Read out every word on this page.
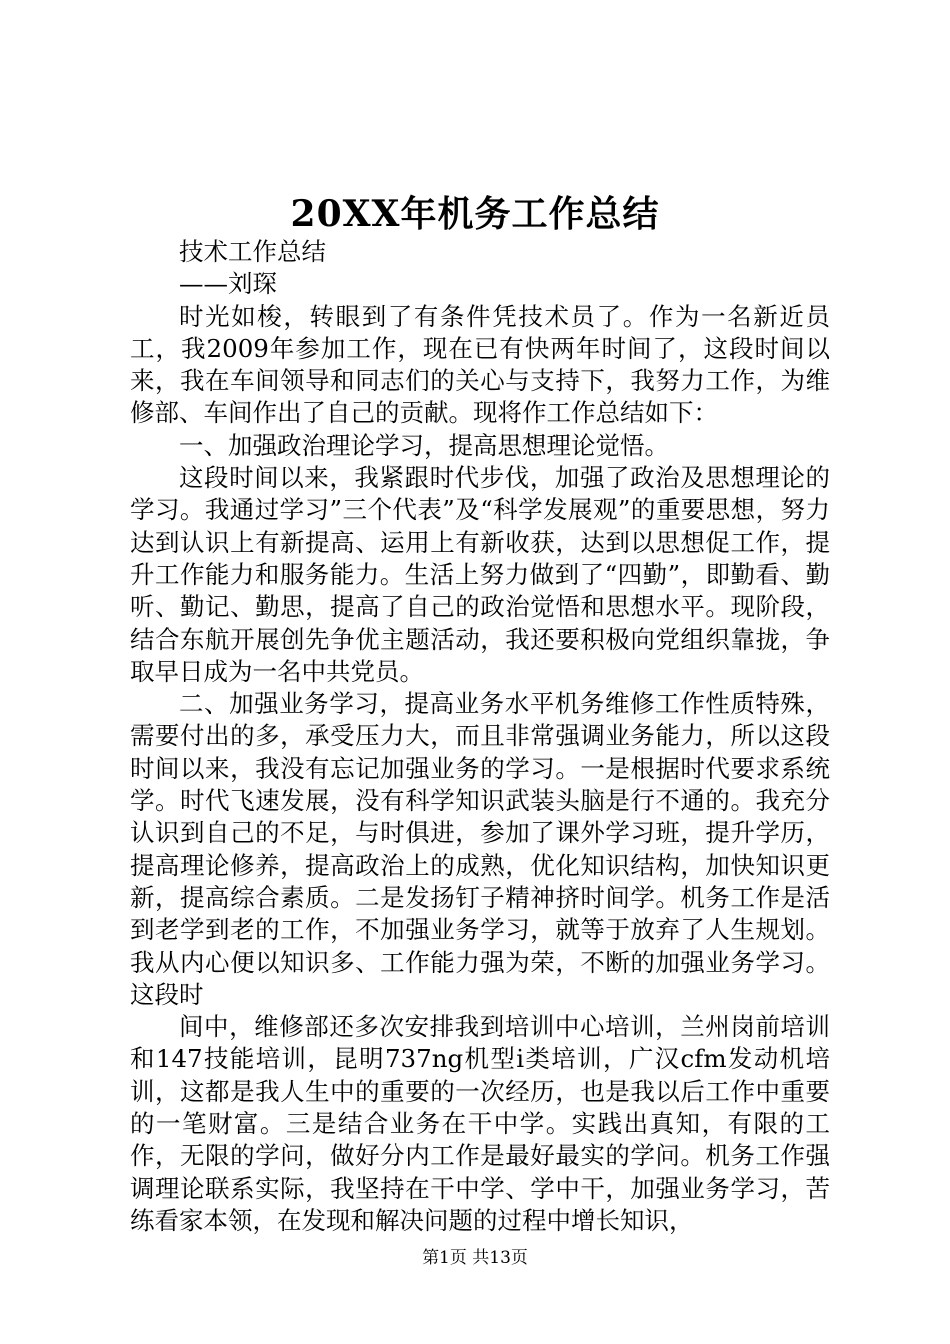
20XX年机务工作总结

技术工作总结

——刘琛

时光如梭，转眼到了有条件凭技术员了。作为一名新近员工，我2009年参加工作，现在已有快两年时间了，这段时间以来，我在车间领导和同志们的关心与支持下，我努力工作，为维修部、车间作出了自己的贡献。现将作工作总结如下：

一、加强政治理论学习，提高思想理论觉悟。

这段时间以来，我紧跟时代步伐，加强了政治及思想理论的学习。我通过学习”三个代表”及“科学发展观”的重要思想，努力达到认识上有新提高、运用上有新收获，达到以思想促工作，提升工作能力和服务能力。生活上努力做到了“四勤”，即勤看、勤听、勤记、勤思，提高了自己的政治觉悟和思想水平。现阶段，结合东航开展创先争优主题活动，我还要积极向党组织靠拢，争取早日成为一名中共党员。

二、加强业务学习，提高业务水平机务维修工作性质特殊，需要付出的多，承受压力大，而且非常强调业务能力，所以这段时间以来，我没有忘记加强业务的学习。一是根据时代要求系统学。时代飞速发展，没有科学知识武装头脑是行不通的。我充分认识到自己的不足，与时俱进，参加了课外学习班，提升学历，提高理论修养，提高政治上的成熟，优化知识结构，加快知识更新，提高综合素质。二是发扬钉子精神挤时间学。机务工作是活到老学到老的工作，不加强业务学习，就等于放弃了人生规划。我从内心便以知识多、工作能力强为荣，不断的加强业务学习。这段时

间中，维修部还多次安排我到培训中心培训，兰州岗前培训和147技能培训，昆明737ng机型ⅰ类培训，广汉cfm发动机培训，这都是我人生中的重要的一次经历，也是我以后工作中重要的一笔财富。三是结合业务在干中学。实践出真知，有限的工作，无限的学问，做好分内工作是最好最实的学问。机务工作强调理论联系实际，我坚持在干中学、学中干，加强业务学习，苦练看家本领，在发现和解决问题的过程中增长知识，

第1页 共13页
